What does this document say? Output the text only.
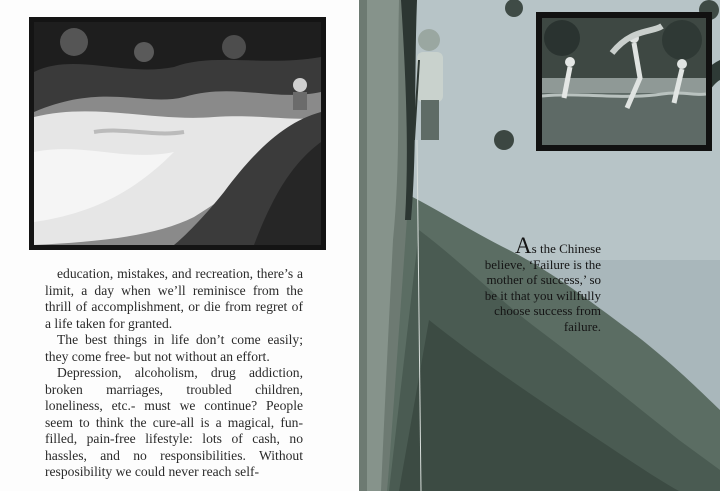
education, mistakes, and recreation, there’s a limit, a day when we’ll reminisce from the thrill of accomplishment, or die from regret of a life taken for granted.

The best things in life don’t come easily; they come free- but not without an effort.

Depression, alcoholism, drug addiction, broken marriages, troubled children, loneliness, etc.- must we continue? People seem to think the cure-all is a magical, fun-filled, pain-free lifestyle: lots of cash, no hassles, and no responsibilities. Without resposibility we could never reach self-

As the Chinese believe, ‘Failure is the mother of success,’ so be it that you willfully choose success from failure.
